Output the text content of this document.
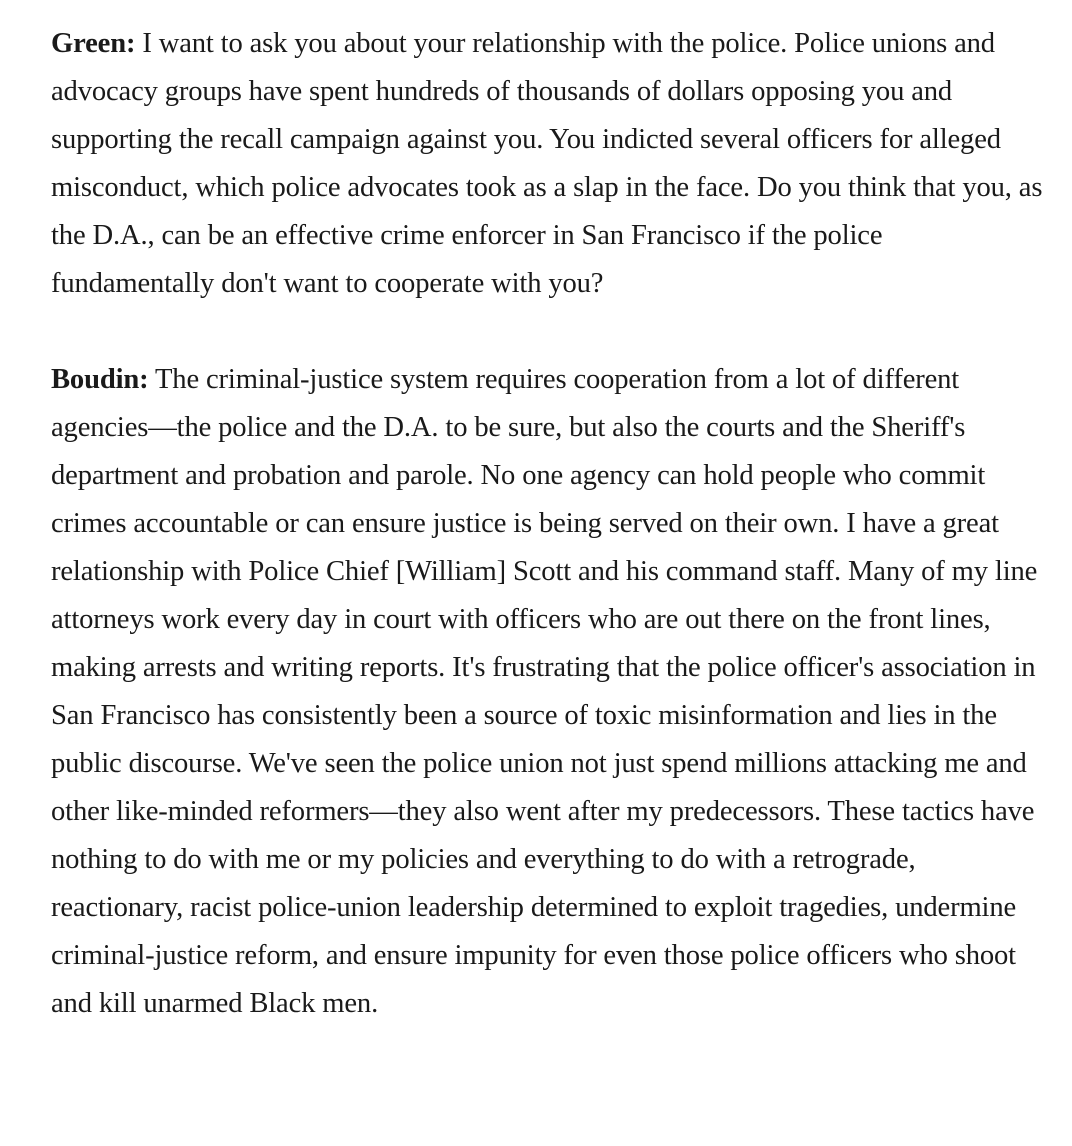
Green: I want to ask you about your relationship with the police. Police unions and advocacy groups have spent hundreds of thousands of dollars opposing you and supporting the recall campaign against you. You indicted several officers for alleged misconduct, which police advocates took as a slap in the face. Do you think that you, as the D.A., can be an effective crime enforcer in San Francisco if the police fundamentally don't want to cooperate with you?

Boudin: The criminal-justice system requires cooperation from a lot of different agencies—the police and the D.A. to be sure, but also the courts and the Sheriff's department and probation and parole. No one agency can hold people who commit crimes accountable or can ensure justice is being served on their own. I have a great relationship with Police Chief [William] Scott and his command staff. Many of my line attorneys work every day in court with officers who are out there on the front lines, making arrests and writing reports. It's frustrating that the police officer's association in San Francisco has consistently been a source of toxic misinformation and lies in the public discourse. We've seen the police union not just spend millions attacking me and other like-minded reformers—they also went after my predecessors. These tactics have nothing to do with me or my policies and everything to do with a retrograde, reactionary, racist police-union leadership determined to exploit tragedies, undermine criminal-justice reform, and ensure impunity for even those police officers who shoot and kill unarmed Black men.
